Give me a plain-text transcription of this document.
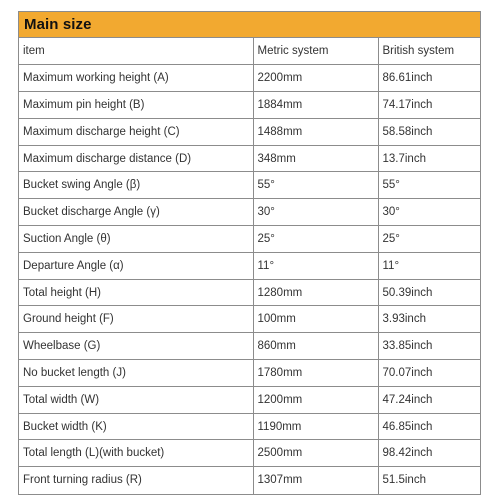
Main size
item	Metric system	British system
Maximum working height (A)	2200mm	86.61inch
Maximum pin height (B)	1884mm	74.17inch
Maximum discharge height (C)	1488mm	58.58inch
Maximum discharge distance (D)	348mm	13.7inch
Bucket swing Angle (β)	55°	55°
Bucket discharge Angle (γ)	30°	30°
Suction Angle (θ)	25°	25°
Departure Angle (α)	11°	11°
Total height (H)	1280mm	50.39inch
Ground height (F)	100mm	3.93inch
Wheelbase (G)	860mm	33.85inch
No bucket length (J)	1780mm	70.07inch
Total width (W)	1200mm	47.24inch
Bucket width (K)	1190mm	46.85inch
Total length (L)(with bucket)	2500mm	98.42inch
Front turning radius (R)	1307mm	51.5inch
